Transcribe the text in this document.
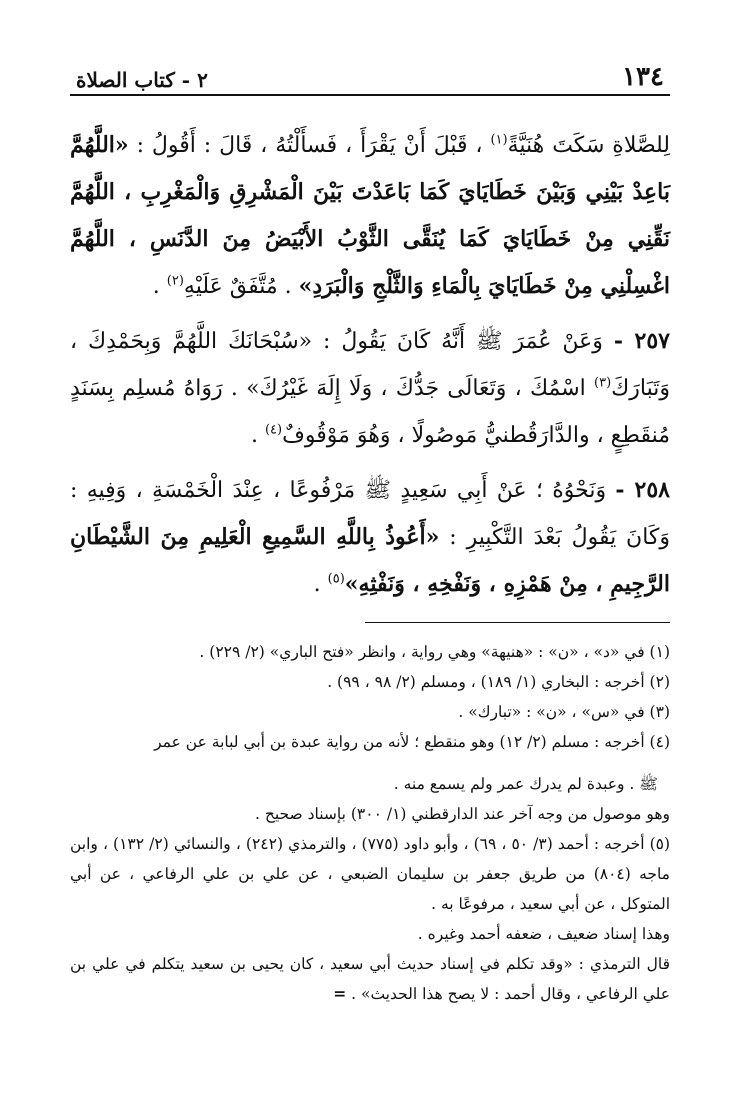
١٣٤
٢ - كتاب الصلاة

لِلصَّلاةِ سَكَتَ هُنَيَّةً$^{(١)}$ ، قَبْلَ أَنْ يَقْرَأَ ، فَسأَلْتُهُ ، قَالَ : أَقُولُ : «اللَّهُمَّ بَاعِدْ بَيْنِي وَبَيْنَ خَطَايَايَ كَمَا بَاعَدْتَ بَيْنَ الْمَشْرِقِ وَالْمَغْرِبِ ، اللَّهُمَّ نَقِّنِي مِنْ خَطَايَايَ كَمَا يُنَقَّى الثَّوْبُ الأَبْيَضُ مِنَ الدَّنَسِ ، اللَّهُمَّ اغْسِلْنِي مِنْ خَطَايَايَ بِالْمَاءِ وَالثَّلْجِ وَالْبَرَدِ» . مُتَّفَقٌ عَلَيْهِ$^{(٢)}$ .

٢٥٧ - وَعَنْ عُمَرَ ﷺ أَنَّهُ كَانَ يَقُولُ : «سُبْحَانَكَ اللَّهُمَّ وَبِحَمْدِكَ ، وَتَبَارَكَ$^{(٣)}$ اسْمُكَ ، وَتَعَالَى جَدُّكَ ، وَلَا إِلَهَ غَيْرُكَ» . رَوَاهُ مُسلِم بِسَنَدٍ مُنقَطِعٍ ، والدَّارَقُطنيُّ مَوصُولًا ، وَهُوَ مَوْقُوفٌ$^{(٤)}$ .

٢٥٨ - وَنَحْوُهُ ؛ عَنْ أَبِي سَعِيدٍ ﷺ مَرْفُوعًا ، عِنْدَ الْخَمْسَةِ ، وَفِيهِ : وَكَانَ يَقُولُ بَعْدَ التَّكْبِيرِ : «أَعُوذُ بِاللَّهِ السَّمِيعِ الْعَلِيمِ مِنَ الشَّيْطَانِ الرَّجِيمِ ، مِنْ هَمْزِهِ ، وَنَفْخِهِ ، وَنَفْثِهِ»$^{(٥)}$ .

(١) في «د» ، «ن» : «هنيهة» وهي رواية ، وانظر «فتح الباري» (٢/ ٢٢٩) .

(٢) أخرجه : البخاري (١/ ١٨٩) ، ومسلم (٢/ ٩٨ ، ٩٩) .

(٣) في «س» ، «ن» : «تبارك» .

(٤) أخرجه : مسلم (٢/ ١٢) وهو منقطع ؛ لأنه من رواية عبدة بن أبي لبابة عن عمر

ﷺ . وعبدة لم يدرك عمر ولم يسمع منه .

وهو موصول من وجه آخر عند الدارقطني (١/ ٣٠٠) بإسناد صحيح .

(٥) أخرجه : أحمد (٣/ ٥٠ ، ٦٩) ، وأبو داود (٧٧٥) ، والترمذي (٢٤٢) ، والنسائي (٢/ ١٣٢) ، وابن ماجه (٨٠٤) من طريق جعفر بن سليمان الضبعي ، عن علي بن علي الرفاعي ، عن أبي المتوكل ، عن أبي سعيد ، مرفوعًا به .

وهذا إسناد ضعيف ، ضعفه أحمد وغيره .

قال الترمذي : «وقد تكلم في إسناد حديث أبي سعيد ، كان يحيى بن سعيد يتكلم في علي بن علي الرفاعي ، وقال أحمد : لا يصح هذا الحديث» . =
